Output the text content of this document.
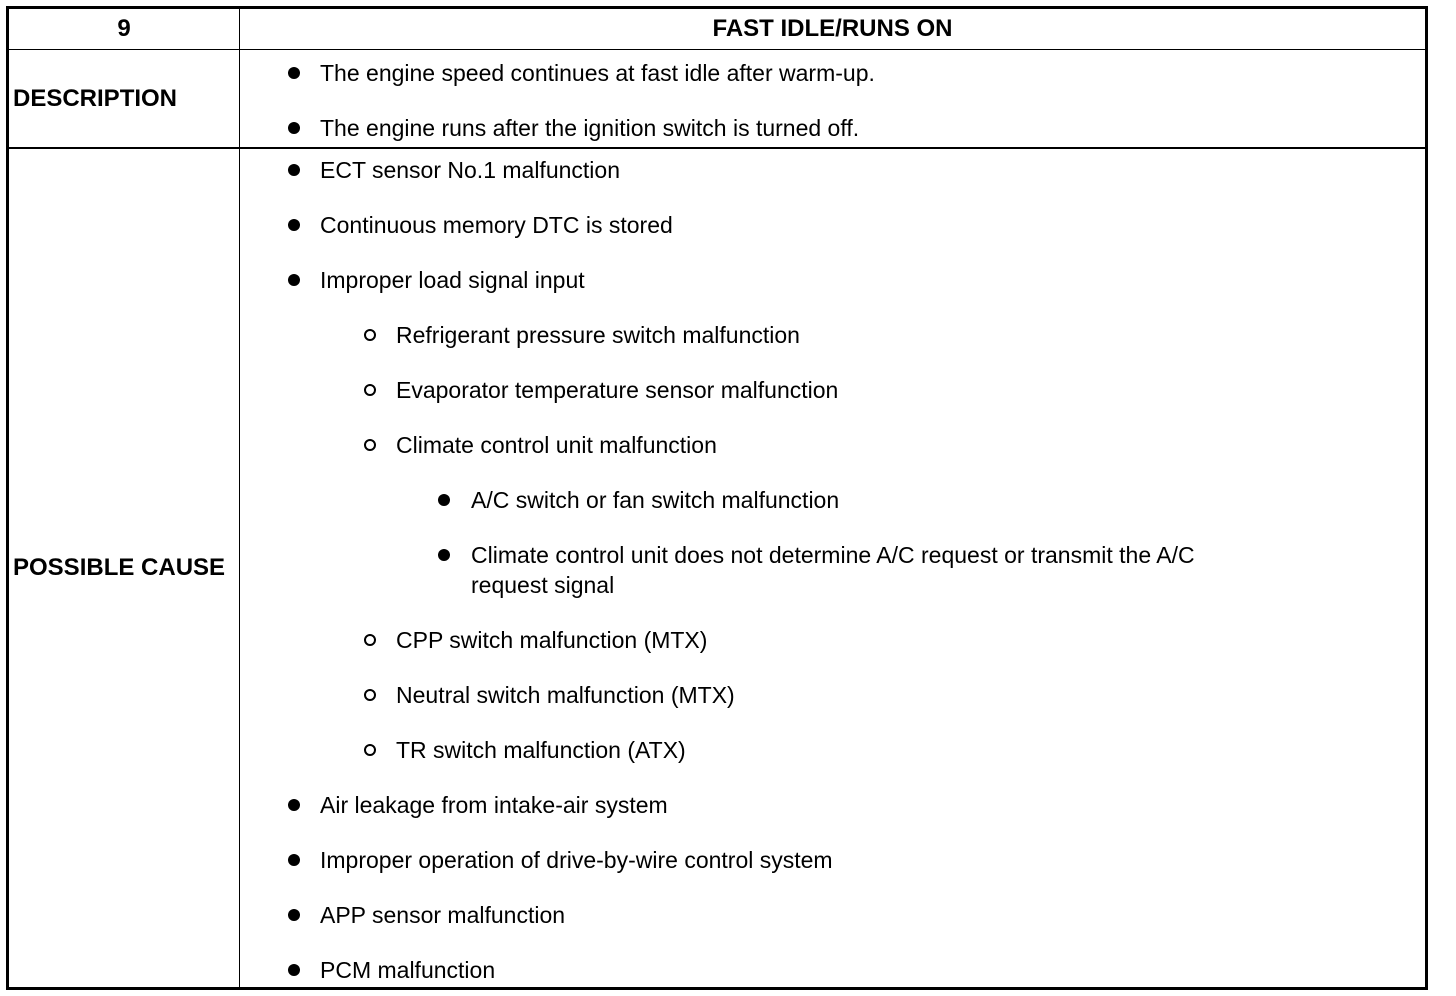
9	FAST IDLE/RUNS ON
DESCRIPTION
The engine speed continues at fast idle after warm-up.
The engine runs after the ignition switch is turned off.
POSSIBLE CAUSE
ECT sensor No.1 malfunction
Continuous memory DTC is stored
Improper load signal input
Refrigerant pressure switch malfunction
Evaporator temperature sensor malfunction
Climate control unit malfunction
A/C switch or fan switch malfunction
Climate control unit does not determine A/C request or transmit the A/C request signal
CPP switch malfunction (MTX)
Neutral switch malfunction (MTX)
TR switch malfunction (ATX)
Air leakage from intake-air system
Improper operation of drive-by-wire control system
APP sensor malfunction
PCM malfunction
